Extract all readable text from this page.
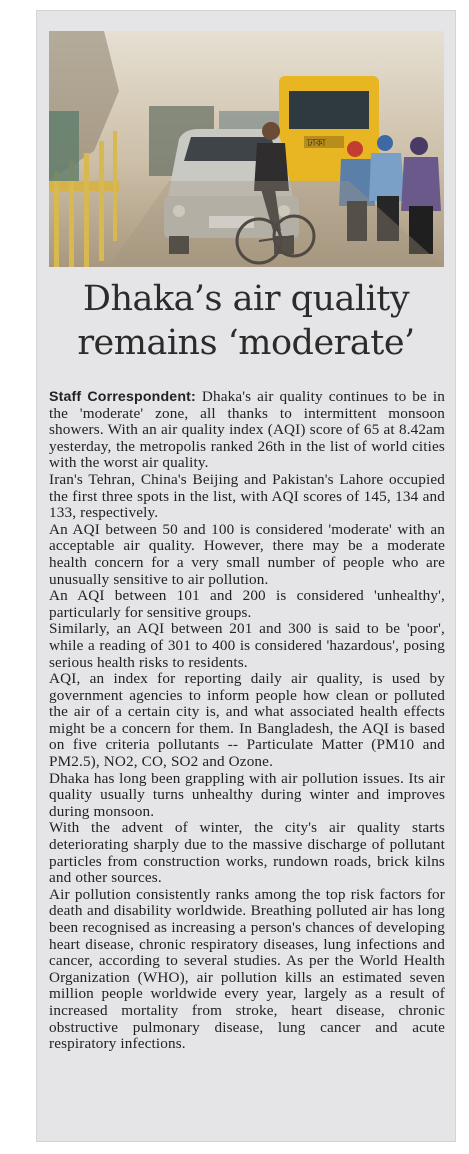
ঢাকা
Dhaka’s air quality
remains ‘moderate’

Staff Correspondent: Dhaka's air quality continues to be in the 'moderate' zone, all thanks to intermittent monsoon showers. With an air quality index (AQI) score of 65 at 8.42am yesterday, the metropolis ranked 26th in the list of world cities with the worst air quality.

Iran's Tehran, China's Beijing and Pakistan's Lahore occupied the first three spots in the list, with AQI scores of 145, 134 and 133, respectively.

An AQI between 50 and 100 is considered 'moderate' with an acceptable air quality. However, there may be a moderate health concern for a very small number of people who are unusually sensitive to air pollution.

An AQI between 101 and 200 is considered 'unhealthy', particularly for sensitive groups.

Similarly, an AQI between 201 and 300 is said to be 'poor', while a reading of 301 to 400 is considered 'hazardous', posing serious health risks to residents.

AQI, an index for reporting daily air quality, is used by government agencies to inform people how clean or polluted the air of a certain city is, and what associated health effects might be a concern for them. In Bangladesh, the AQI is based on five criteria pollutants -- Particulate Matter (PM10 and PM2.5), NO2, CO, SO2 and Ozone.

Dhaka has long been grappling with air pollution issues. Its air quality usually turns unhealthy during winter and improves during monsoon.

With the advent of winter, the city's air quality starts deteriorating sharply due to the massive discharge of pollutant particles from construction works, rundown roads, brick kilns and other sources.

Air pollution consistently ranks among the top risk factors for death and disability worldwide. Breathing polluted air has long been recognised as increasing a person's chances of developing heart disease, chronic respiratory diseases, lung infections and cancer, according to several studies. As per the World Health Organization (WHO), air pollution kills an estimated seven million people worldwide every year, largely as a result of increased mortality from stroke, heart disease, chronic obstructive pulmonary disease, lung cancer and acute respiratory infections.
